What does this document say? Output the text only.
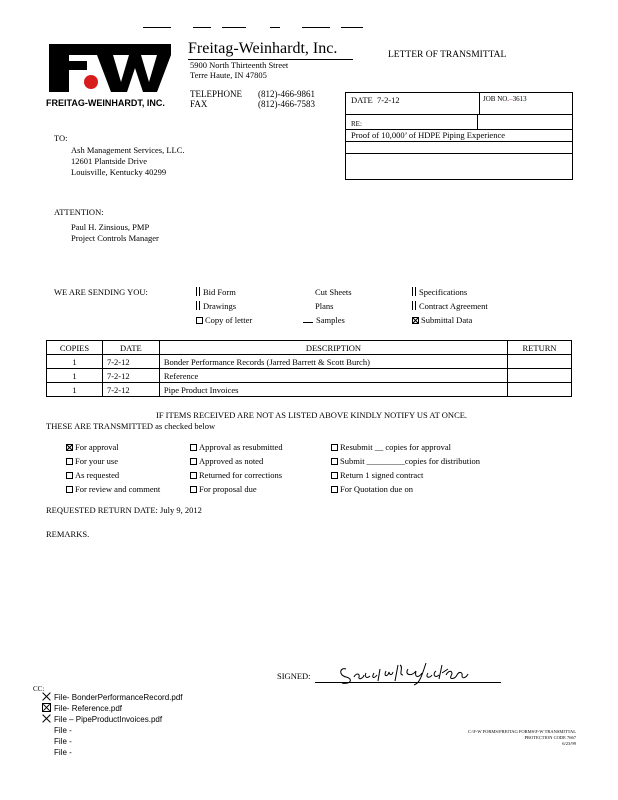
FREITAG-WEINHARDT, INC.
Freitag-Weinhardt, Inc.
5900 North Thirteenth Street
Terre Haute, IN 47805
TELEPHONE (812)-466-9861
FAX	(812)-466-7583
LETTER OF TRANSMITTAL
DATE 7-2-12	JOB NO.–3613
RE:
Proof of 10,000’ of HDPE Piping Experience
TO:
Ash Management Services, LLC.
12601 Plantside Drive
Louisville, Kentucky 40299
ATTENTION:
Paul H. Zinsious, PMP
Project Controls Manager
WE ARE SENDING YOU:	Bid Form
Drawings
Copy of letter
Cut Sheets
Plans
Samples
Specifications
Contract Agreement
Submittal Data
COPIES	DATE	DESCRIPTION	RETURN
1	7-2-12	Bonder Performance Records (Jarred Barrett & Scott Burch)	
1	7-2-12	Reference	
1	7-2-12	Pipe Product Invoices	
IF ITEMS RECEIVED ARE NOT AS LISTED ABOVE KINDLY NOTIFY US AT ONCE.
THESE ARE TRANSMITTED as checked below
For approval
For your use
As requested
For review and comment
Approval as resubmitted
Approved as noted
Returned for corrections
For proposal due
Resubmit __ copies for approval
Submit _________copies for distribution
Return 1 signed contract
For Quotation due on
REQUESTED RETURN DATE: July 9, 2012
REMARKS.
SIGNED:
CC:
File- BonderPerformanceRecord.pdf
File- Reference.pdf
File – PipeProductInvoices.pdf
File -
File -
File -
C:\F-W FORMS\FREITAG FORMS\F-W TRANSMITTAL
PROTECTION CODE 7667
6/23/99
